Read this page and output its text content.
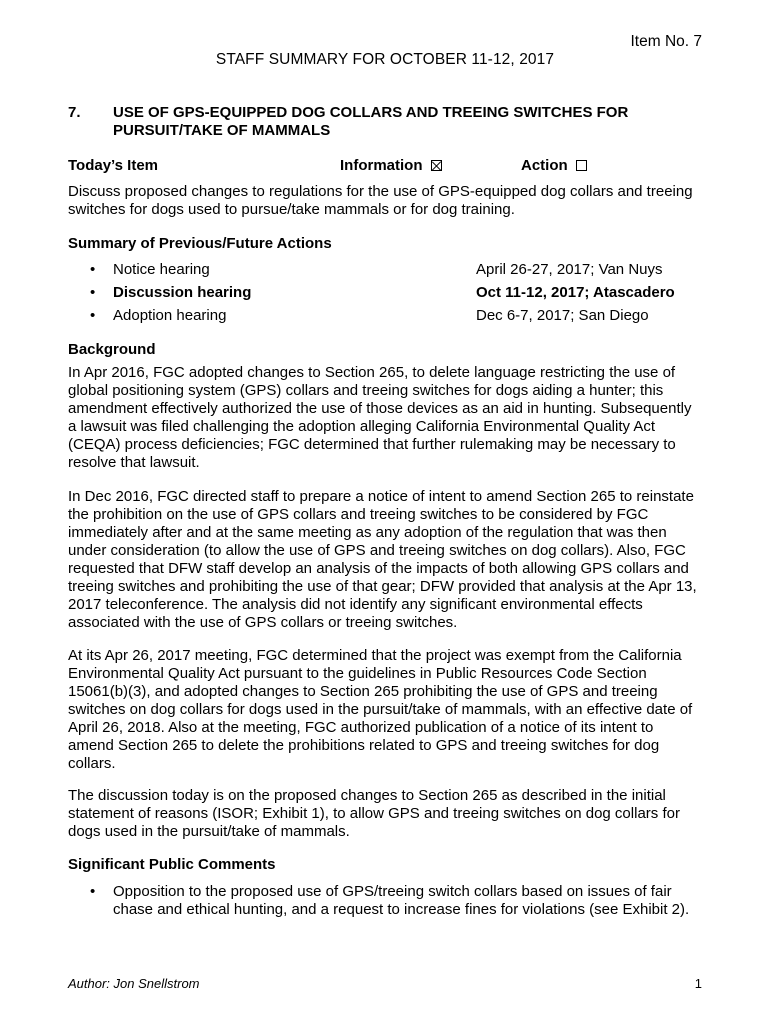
Item No. 7
STAFF SUMMARY FOR OCTOBER 11-12, 2017
7. USE OF GPS-EQUIPPED DOG COLLARS AND TREEING SWITCHES FOR
PURSUIT/TAKE OF MAMMALS
Today’s Item	Information	Action
Discuss proposed changes to regulations for the use of GPS-equipped dog collars and treeing
switches for dogs used to pursue/take mammals or for dog training.
Summary of Previous/Future Actions
• Notice hearing	April 26-27, 2017; Van Nuys
• Discussion hearing	Oct 11-12, 2017; Atascadero
• Adoption hearing	Dec 6-7, 2017; San Diego
Background
In Apr 2016, FGC adopted changes to Section 265, to delete language restricting the use of
global positioning system (GPS) collars and treeing switches for dogs aiding a hunter; this
amendment effectively authorized the use of those devices as an aid in hunting. Subsequently
a lawsuit was filed challenging the adoption alleging California Environmental Quality Act
(CEQA) process deficiencies; FGC determined that further rulemaking may be necessary to
resolve that lawsuit.
In Dec 2016, FGC directed staff to prepare a notice of intent to amend Section 265 to reinstate
the prohibition on the use of GPS collars and treeing switches to be considered by FGC
immediately after and at the same meeting as any adoption of the regulation that was then
under consideration (to allow the use of GPS and treeing switches on dog collars). Also, FGC
requested that DFW staff develop an analysis of the impacts of both allowing GPS collars and
treeing switches and prohibiting the use of that gear; DFW provided that analysis at the Apr 13,
2017 teleconference. The analysis did not identify any significant environmental effects
associated with the use of GPS collars or treeing switches.
At its Apr 26, 2017 meeting, FGC determined that the project was exempt from the California
Environmental Quality Act pursuant to the guidelines in Public Resources Code Section
15061(b)(3), and adopted changes to Section 265 prohibiting the use of GPS and treeing
switches on dog collars for dogs used in the pursuit/take of mammals, with an effective date of
April 26, 2018. Also at the meeting, FGC authorized publication of a notice of its intent to
amend Section 265 to delete the prohibitions related to GPS and treeing switches for dog
collars.
The discussion today is on the proposed changes to Section 265 as described in the initial
statement of reasons (ISOR; Exhibit 1), to allow GPS and treeing switches on dog collars for
dogs used in the pursuit/take of mammals.
Significant Public Comments
• Opposition to the proposed use of GPS/treeing switch collars based on issues of fair
chase and ethical hunting, and a request to increase fines for violations (see Exhibit 2).
Author: Jon Snellstrom	1
